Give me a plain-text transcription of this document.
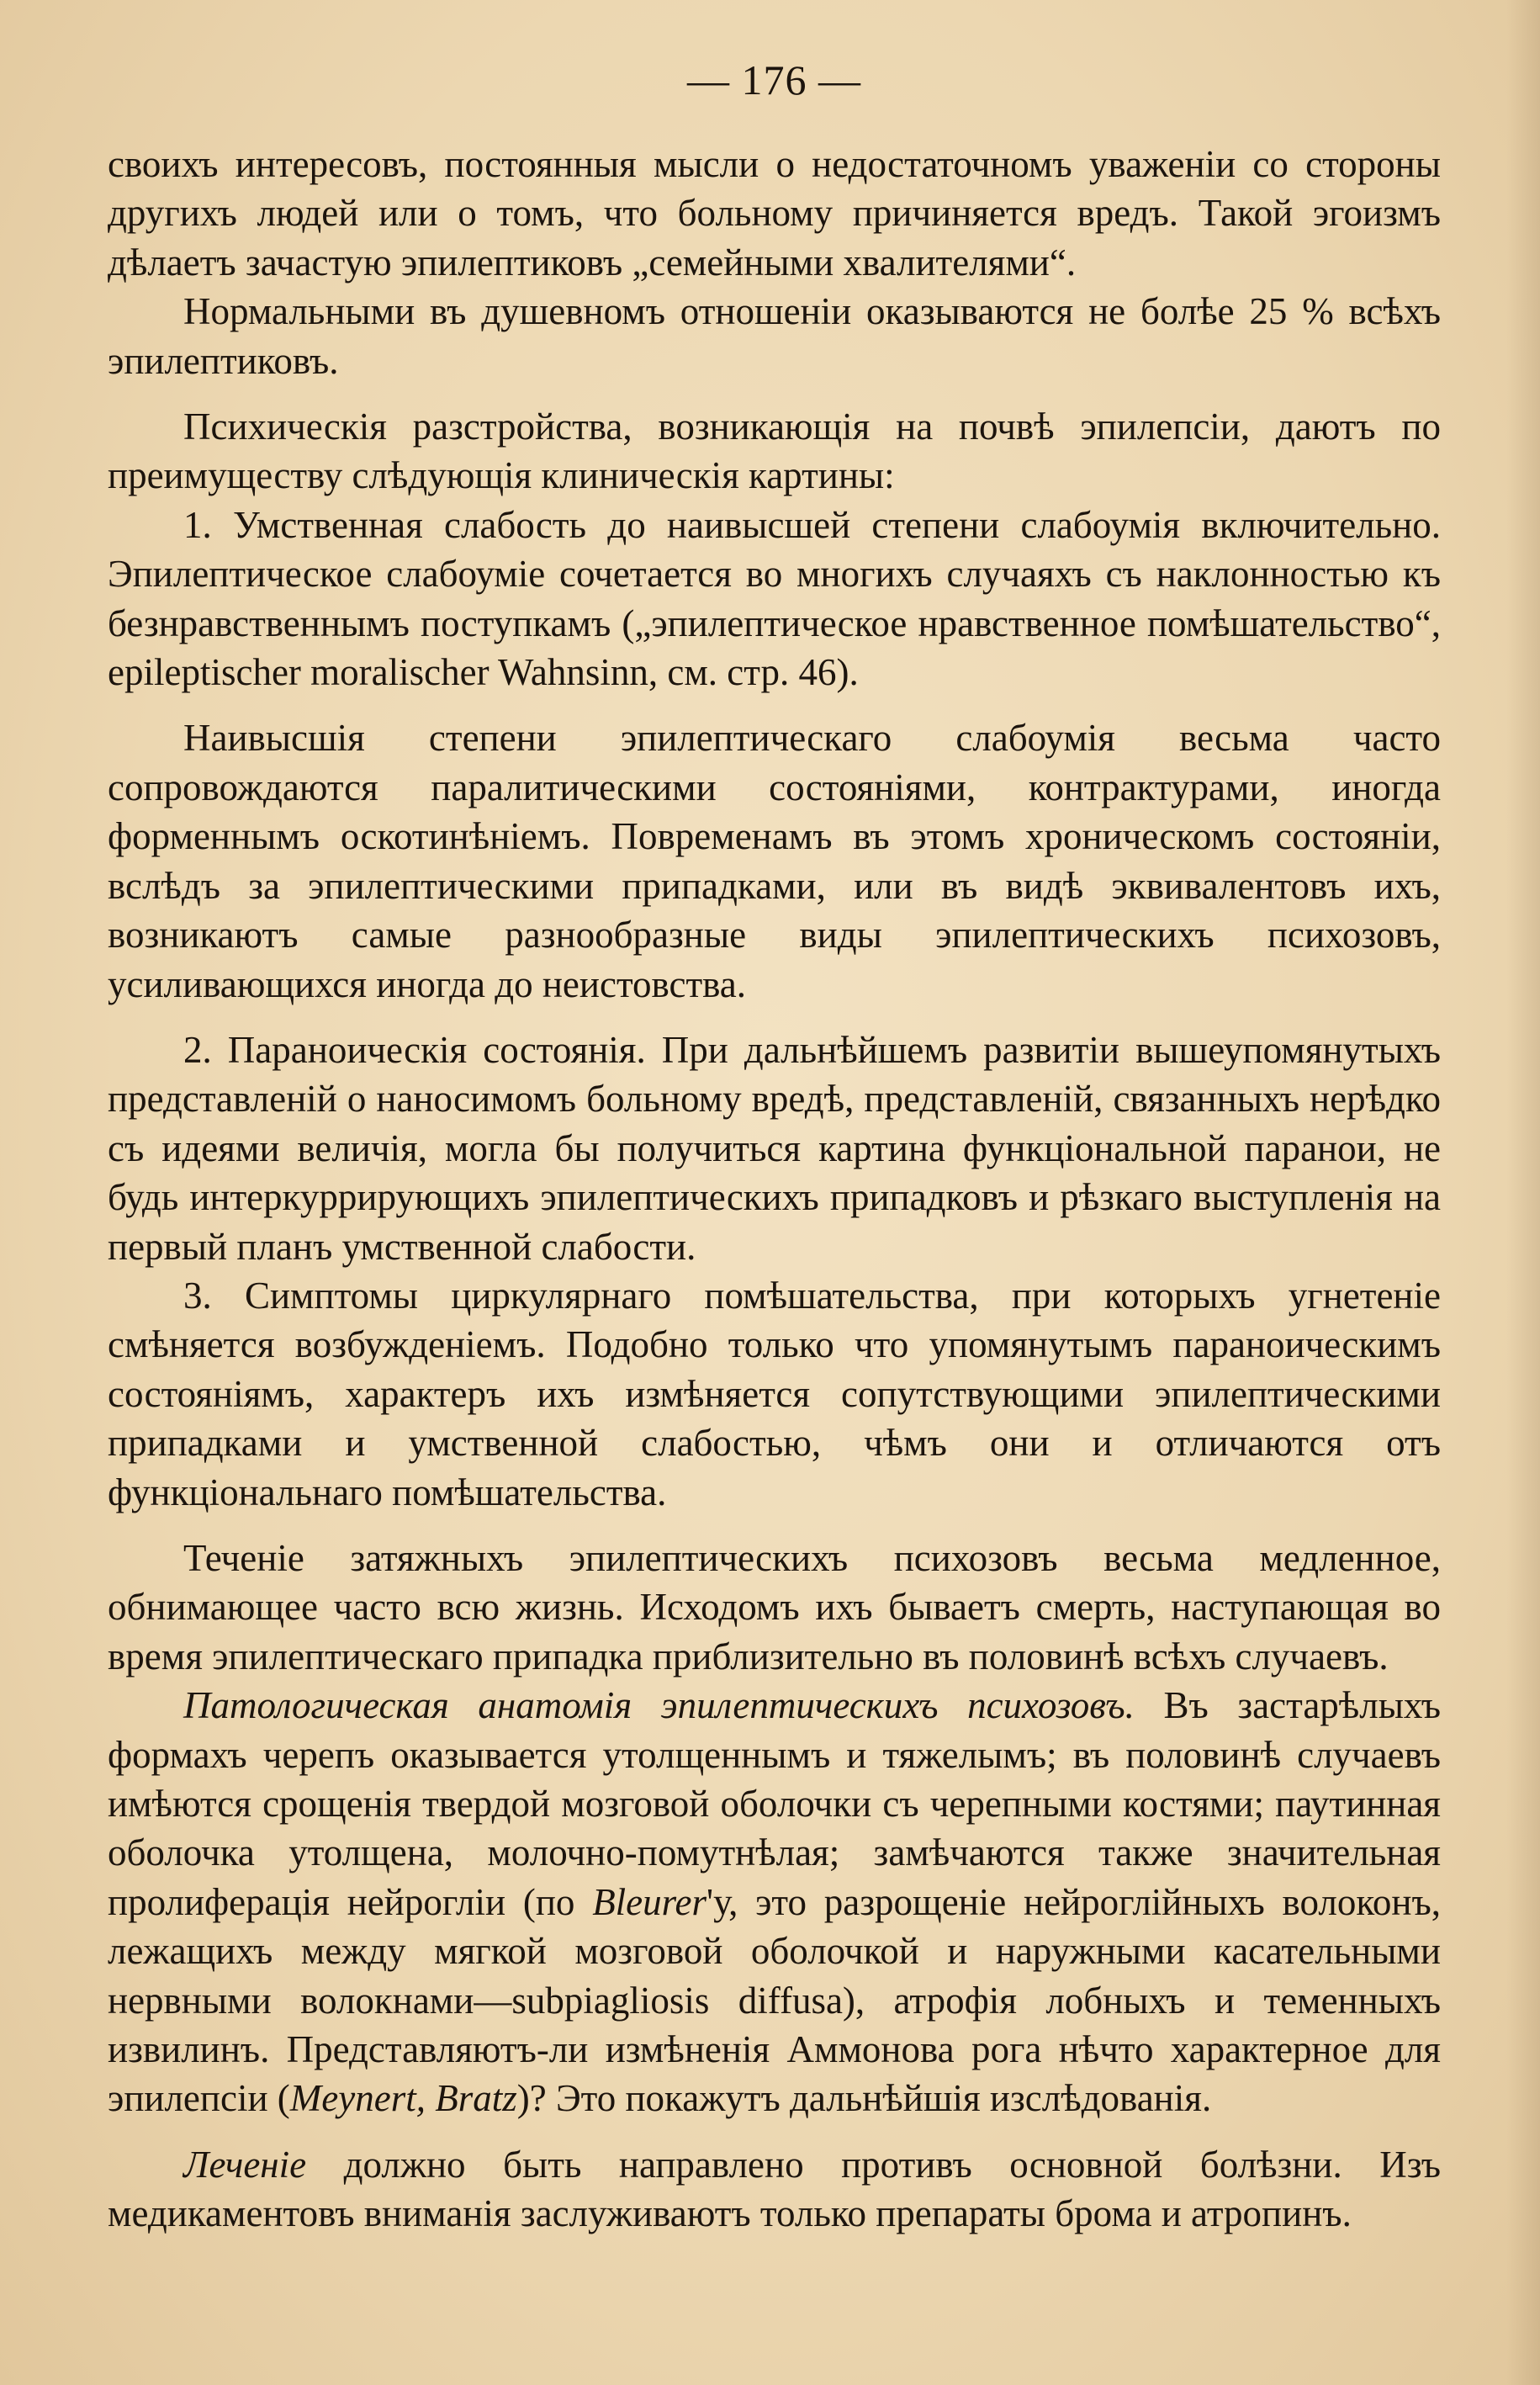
— 176 —

своихъ интересовъ, постоянныя мысли о недостаточномъ уваженіи со стороны другихъ людей или о томъ, что больному причиняется вредъ. Такой эгоизмъ дѣлаетъ зачастую эпилептиковъ „семейными хвалителями“.

Нормальными въ душевномъ отношеніи оказываются не болѣе 25 % всѣхъ эпилептиковъ.

Психическія разстройства, возникающія на почвѣ эпилепсіи, даютъ по преимуществу слѣдующія клиническія картины:

1. Умственная слабость до наивысшей степени слабоумія включительно. Эпилептическое слабоуміе сочетается во многихъ случаяхъ съ наклонностью къ безнравственнымъ поступкамъ („эпилептическое нравственное помѣшательство“, epileptischer moralischer Wahnsinn, см. стр. 46).

Наивысшія степени эпилептическаго слабоумія весьма часто сопровождаются паралитическими состояніями, контрактурами, иногда форменнымъ оскотинѣніемъ. Повременамъ въ этомъ хроническомъ состояніи, вслѣдъ за эпилептическими припадками, или въ видѣ эквивалентовъ ихъ, возникаютъ самые разнообразные виды эпилептическихъ психозовъ, усиливающихся иногда до неистовства.

2. Параноическія состоянія. При дальнѣйшемъ развитіи вышеупомянутыхъ представленій о наносимомъ больному вредѣ, представленій, связанныхъ нерѣдко съ идеями величія, могла бы получиться картина функціональной паранои, не будь интеркуррирующихъ эпилептическихъ припадковъ и рѣзкаго выступленія на первый планъ умственной слабости.

3. Симптомы циркулярнаго помѣшательства, при которыхъ угнетеніе смѣняется возбужденіемъ. Подобно только что упомянутымъ параноическимъ состояніямъ, характеръ ихъ измѣняется сопутствующими эпилептическими припадками и умственной слабостью, чѣмъ они и отличаются отъ функціональнаго помѣшательства.

Теченіе затяжныхъ эпилептическихъ психозовъ весьма медленное, обнимающее часто всю жизнь. Исходомъ ихъ бываетъ смерть, наступающая во время эпилептическаго припадка приблизительно въ половинѣ всѣхъ случаевъ.

Патологическая анатомія эпилептическихъ психозовъ. Въ застарѣлыхъ формахъ черепъ оказывается утолщеннымъ и тяжелымъ; въ половинѣ случаевъ имѣются срощенія твердой мозговой оболочки съ черепными костями; паутинная оболочка утолщена, молочно-помутнѣлая; замѣчаются также значительная пролиферація нейрогліи (по Bleurer'у, это разрощеніе нейроглійныхъ волоконъ, лежащихъ между мягкой мозговой оболочкой и наружными касательными нервными волокнами—subpiagliosis diffusa), атрофія лобныхъ и теменныхъ извилинъ. Представляютъ-ли измѣненія Аммонова рога нѣчто характерное для эпилепсіи (Meynert, Bratz)? Это покажутъ дальнѣйшія изслѣдованія.

Леченіе должно быть направлено противъ основной болѣзни. Изъ медикаментовъ вниманія заслуживаютъ только препараты брома и атропинъ.
